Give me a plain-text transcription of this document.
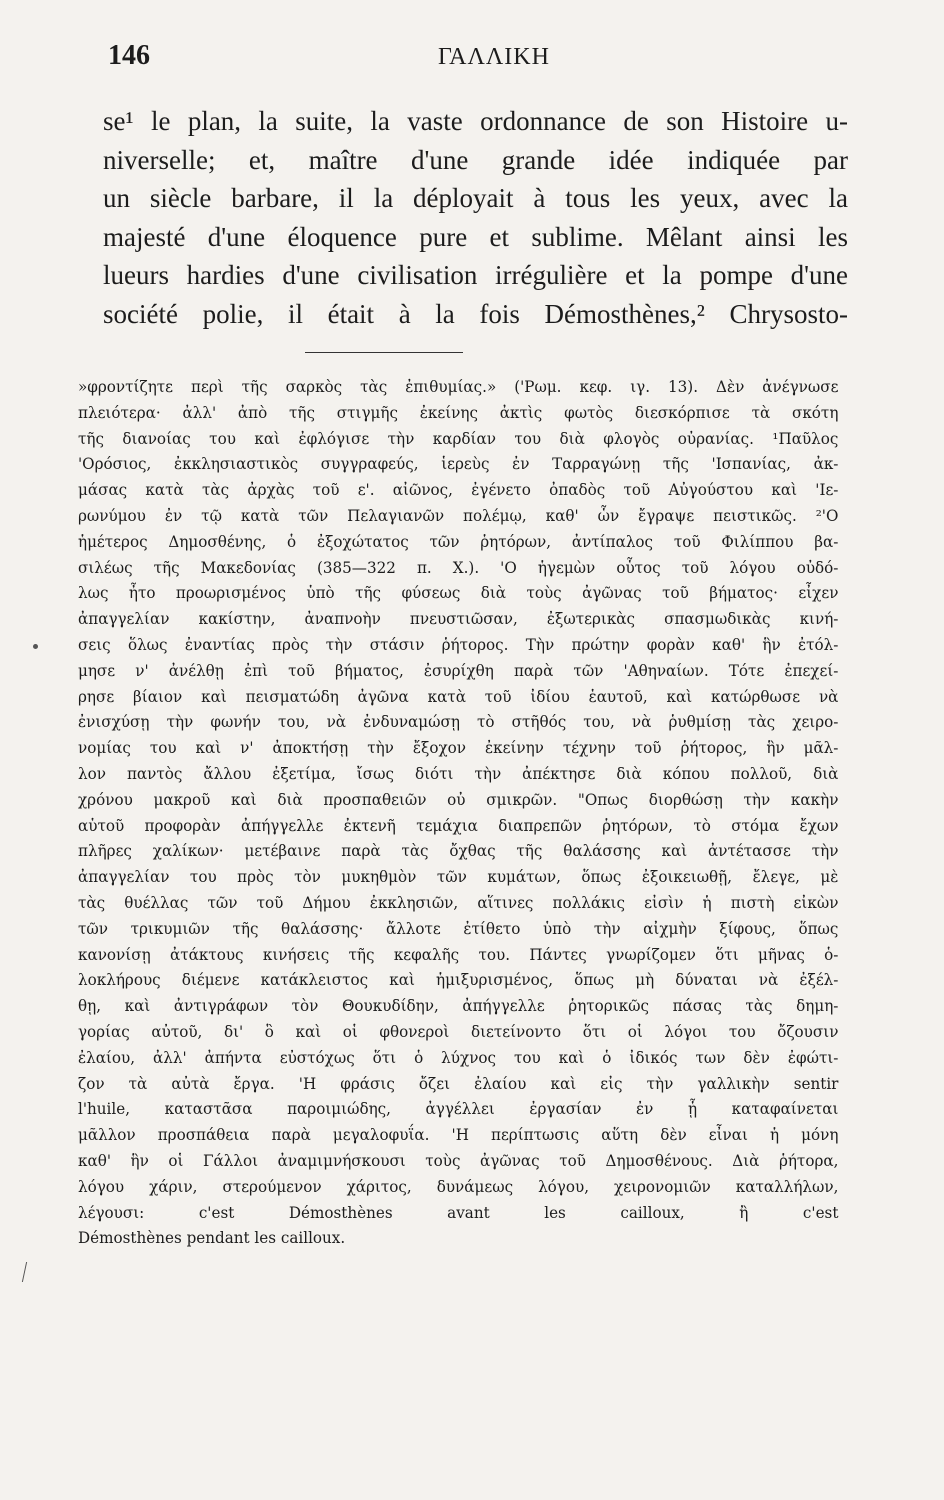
146	ΓΑΛΛΙΚΗ
se¹ le plan, la suite, la vaste ordonnance de son Histoire u-
niverselle; et, maître d'une grande idée indiquée par
un siècle barbare, il la déployait à tous les yeux, avec la
majesté d'une éloquence pure et sublime. Mêlant ainsi les
lueurs hardies d'une civilisation irrégulière et la pompe d'une
société polie, il était à la fois Démosthènes,² Chrysosto-
»φροντίζητε περὶ τῆς σαρκὸς τὰς ἐπιθυμίας.» ('Ρωμ. κεφ. ιγ. 13). Δὲν ἀνέγνωσε
πλειότερα· ἀλλ' ἀπὸ τῆς στιγμῆς ἐκείνης ἀκτὶς φωτὸς διεσκόρπισε τὰ σκότη
τῆς διανοίας του καὶ ἐφλόγισε τὴν καρδίαν του διὰ φλογὸς οὐρανίας. ¹Παῦλος
'Ορόσιος, ἐκκλησιαστικὸς συγγραφεύς, ἱερεὺς ἐν Ταρραγώνῃ τῆς 'Ισπανίας, ἀκ-
μάσας κατὰ τὰς ἀρχὰς τοῦ ε'. αἰῶνος, ἐγένετο ὀπαδὸς τοῦ Αὐγούστου καὶ 'Ιε-
ρωνύμου ἐν τῷ κατὰ τῶν Πελαγιανῶν πολέμῳ, καθ' ὧν ἔγραψε πειστικῶς. ²'Ο
ἡμέτερος Δημοσθένης, ὁ ἐξοχώτατος τῶν ῥητόρων, ἀντίπαλος τοῦ Φιλίππου βα-
σιλέως τῆς Μακεδονίας (385—322 π. Χ.). 'Ο ἡγεμὼν οὗτος τοῦ λόγου οὐδό-
λως ἦτο προωρισμένος ὑπὸ τῆς φύσεως διὰ τοὺς ἀγῶνας τοῦ βήματος· εἶχεν
ἀπαγγελίαν κακίστην, ἀναπνοὴν πνευστιῶσαν, ἐξωτερικὰς σπασμωδικὰς κινή-
σεις ὅλως ἐναντίας πρὸς τὴν στάσιν ῥήτορος. Τὴν πρώτην φορὰν καθ' ἣν ἐτόλ-
μησε ν' ἀνέλθῃ ἐπὶ τοῦ βήματος, ἐσυρίχθη παρὰ τῶν 'Αθηναίων. Τότε ἐπεχεί-
ρησε βίαιον καὶ πεισματώδη ἀγῶνα κατὰ τοῦ ἰδίου ἑαυτοῦ, καὶ κατώρθωσε νὰ
ἐνισχύσῃ τὴν φωνήν του, νὰ ἐνδυναμώσῃ τὸ στῆθός του, νὰ ῥυθμίσῃ τὰς χειρο-
νομίας του καὶ ν' ἀποκτήσῃ τὴν ἔξοχον ἐκείνην τέχνην τοῦ ῥήτορος, ἣν μᾶλ-
λον παντὸς ἄλλου ἐξετίμα, ἴσως διότι τὴν ἀπέκτησε διὰ κόπου πολλοῦ, διὰ
χρόνου μακροῦ καὶ διὰ προσπαθειῶν οὐ σμικρῶν. "Οπως διορθώσῃ τὴν κακὴν
αὑτοῦ προφορὰν ἀπήγγελλε ἐκτενῆ τεμάχια διαπρεπῶν ῥητόρων, τὸ στόμα ἔχων
πλῆρες χαλίκων· μετέβαινε παρὰ τὰς ὄχθας τῆς θαλάσσης καὶ ἀντέτασσε τὴν
ἀπαγγελίαν του πρὸς τὸν μυκηθμὸν τῶν κυμάτων, ὅπως ἐξοικειωθῇ, ἔλεγε, μὲ
τὰς θυέλλας τῶν τοῦ Δήμου ἐκκλησιῶν, αἵτινες πολλάκις εἰσὶν ἡ πιστὴ εἰκὼν
τῶν τρικυμιῶν τῆς θαλάσσης· ἄλλοτε ἐτίθετο ὑπὸ τὴν αἰχμὴν ξίφους, ὅπως
κανονίσῃ ἀτάκτους κινήσεις τῆς κεφαλῆς του. Πάντες γνωρίζομεν ὅτι μῆνας ὁ-
λοκλήρους διέμενε κατάκλειστος καὶ ἡμιξυρισμένος, ὅπως μὴ δύναται νὰ ἐξέλ-
θῃ, καὶ ἀντιγράφων τὸν Θουκυδίδην, ἀπήγγελλε ῥητορικῶς πάσας τὰς δημη-
γορίας αὐτοῦ, δι' ὃ καὶ οἱ φθονεροὶ διετείνοντο ὅτι οἱ λόγοι του ὄζουσιν
ἐλαίου, ἀλλ' ἀπήντα εὐστόχως ὅτι ὁ λύχνος του καὶ ὁ ἰδικός των δὲν ἐφώτι-
ζον τὰ αὐτὰ ἔργα. 'Η φράσις ὄζει ἐλαίου καὶ εἰς τὴν γαλλικὴν sentir
l'huile, καταστᾶσα παροιμιώδης, ἀγγέλλει ἐργασίαν ἐν ᾗ καταφαίνεται
μᾶλλον προσπάθεια παρὰ μεγαλοφυΐα. 'Η περίπτωσις αὕτη δὲν εἶναι ἡ μόνη
καθ' ἣν οἱ Γάλλοι ἀναμιμνήσκουσι τοὺς ἀγῶνας τοῦ Δημοσθένους. Διὰ ῥήτορα,
λόγου χάριν, στερούμενον χάριτος, δυνάμεως λόγου, χειρονομιῶν καταλλήλων,
λέγουσι: c'est Démosthènes avant les cailloux, ἢ c'est
Démosthènes pendant les cailloux.
